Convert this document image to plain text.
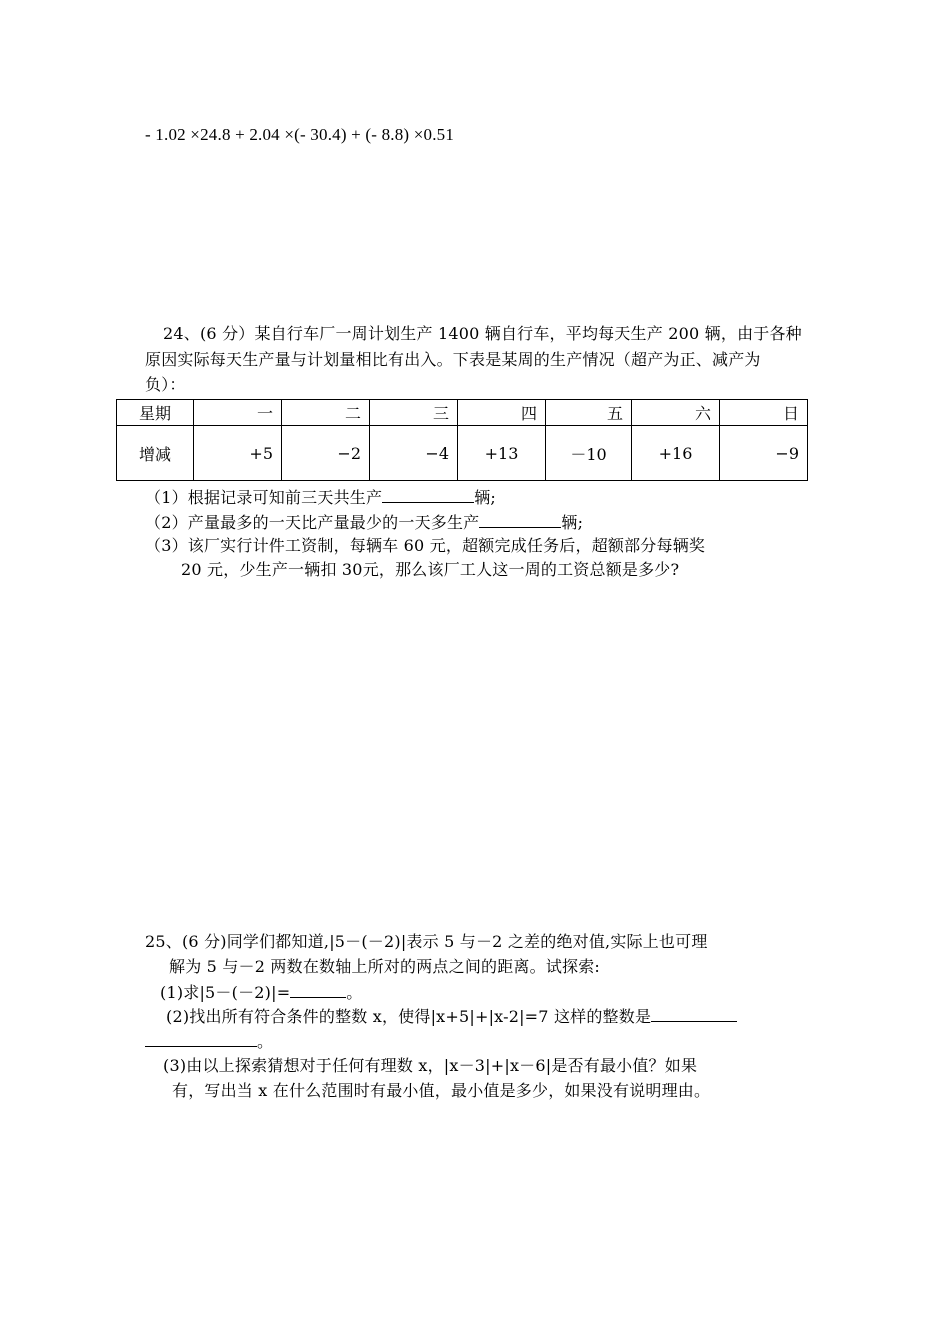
- 1.02 ×24.8 + 2.04 ×(- 30.4) + (- 8.8) ×0.51
24、(6 分）某自行车厂一周计划生产 1400 辆自行车，平均每天生产 200 辆，由于各种
原因实际每天生产量与计划量相比有出入。下表是某周的生产情况（超产为正、减产为
负）：
星期	一	二	三	四	五	六	日
增减	+5	−2	−4	+13	－10	+16	−9
（1）根据记录可知前三天共生产	辆;
（2）产量最多的一天比产量最少的一天多生产	辆;
（3）该厂实行计件工资制，每辆车 60 元，超额完成任务后，超额部分每辆奖
20 元，少生产一辆扣 30元，那么该厂工人这一周的工资总额是多少?
25、(6 分)同学们都知道,|5－(－2)|表示 5 与－2 之差的绝对值,实际上也可理
解为 5 与－2 两数在数轴上所对的两点之间的距离。试探索:
(1)求|5－(－2)|=	。
(2)找出所有符合条件的整数 x，使得|x+5|+|x-2|=7 这样的整数是
。
(3)由以上探索猜想对于任何有理数 x，|x－3|+|x－6|是否有最小值？如果
有，写出当 x 在什么范围时有最小值，最小值是多少，如果没有说明理由。
